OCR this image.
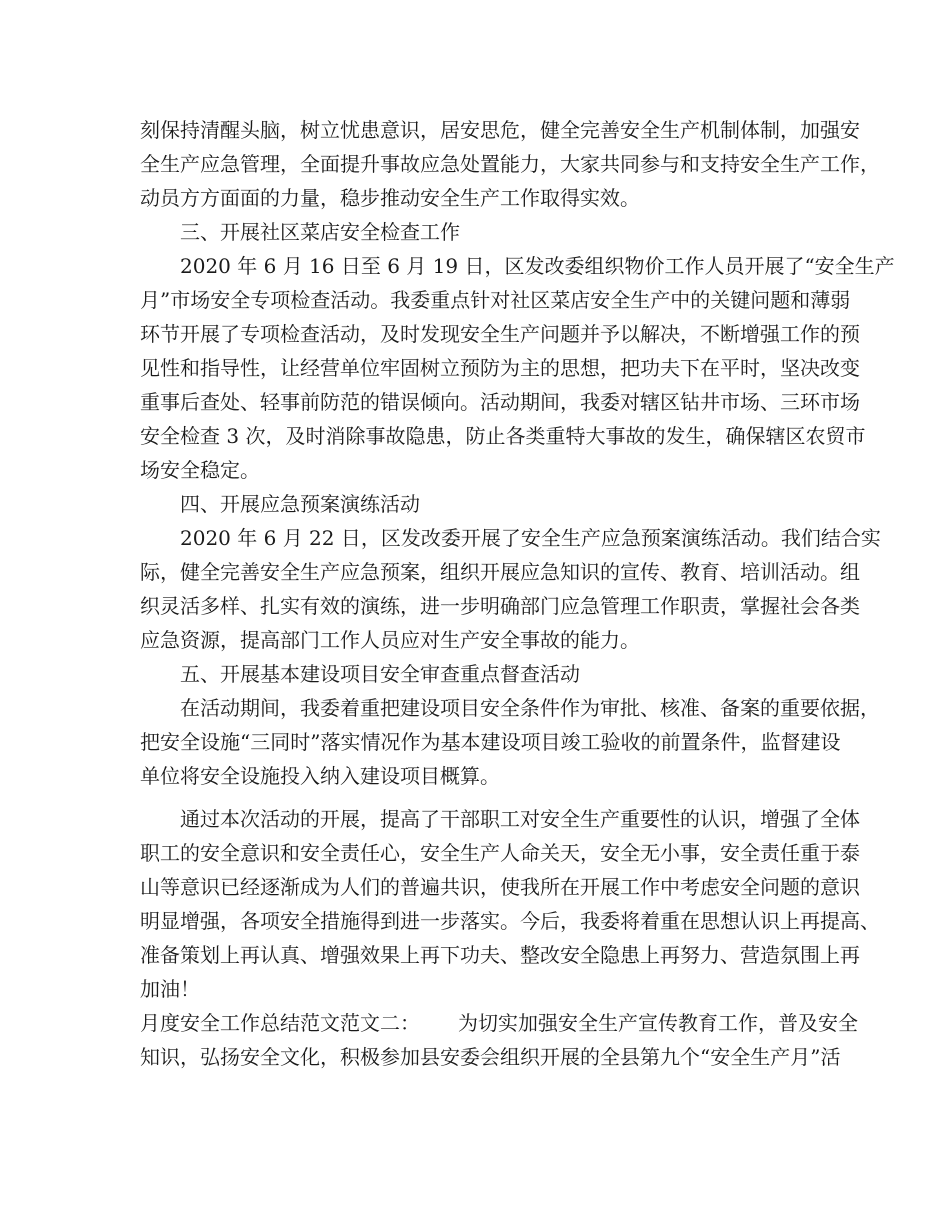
刻保持清醒头脑，树立忧患意识，居安思危，健全完善安全生产机制体制，加强安
全生产应急管理，全面提升事故应急处置能力，大家共同参与和支持安全生产工作，
动员方方面面的力量，稳步推动安全生产工作取得实效。
三、开展社区菜店安全检查工作
2020 年 6 月 16 日至 6 月 19 日，区发改委组织物价工作人员开展了“安全生产
月”市场安全专项检查活动。我委重点针对社区菜店安全生产中的关键问题和薄弱
环节开展了专项检查活动，及时发现安全生产问题并予以解决，不断增强工作的预
见性和指导性，让经营单位牢固树立预防为主的思想，把功夫下在平时，坚决改变
重事后查处、轻事前防范的错误倾向。活动期间，我委对辖区钻井市场、三环市场
安全检查 3 次，及时消除事故隐患，防止各类重特大事故的发生，确保辖区农贸市
场安全稳定。
四、开展应急预案演练活动
2020 年 6 月 22 日，区发改委开展了安全生产应急预案演练活动。我们结合实
际，健全完善安全生产应急预案，组织开展应急知识的宣传、教育、培训活动。组
织灵活多样、扎实有效的演练，进一步明确部门应急管理工作职责，掌握社会各类
应急资源，提高部门工作人员应对生产安全事故的能力。
五、开展基本建设项目安全审查重点督查活动
在活动期间，我委着重把建设项目安全条件作为审批、核准、备案的重要依据，
把安全设施“三同时”落实情况作为基本建设项目竣工验收的前置条件，监督建设
单位将安全设施投入纳入建设项目概算。
通过本次活动的开展，提高了干部职工对安全生产重要性的认识，增强了全体
职工的安全意识和安全责任心，安全生产人命关天，安全无小事，安全责任重于泰
山等意识已经逐渐成为人们的普遍共识，使我所在开展工作中考虑安全问题的意识
明显增强，各项安全措施得到进一步落实。今后，我委将着重在思想认识上再提高、
准备策划上再认真、增强效果上再下功夫、整改安全隐患上再努力、营造氛围上再
加油！
月度安全工作总结范文范文二： 为切实加强安全生产宣传教育工作，普及安全
知识，弘扬安全文化，积极参加县安委会组织开展的全县第九个“安全生产月”活
